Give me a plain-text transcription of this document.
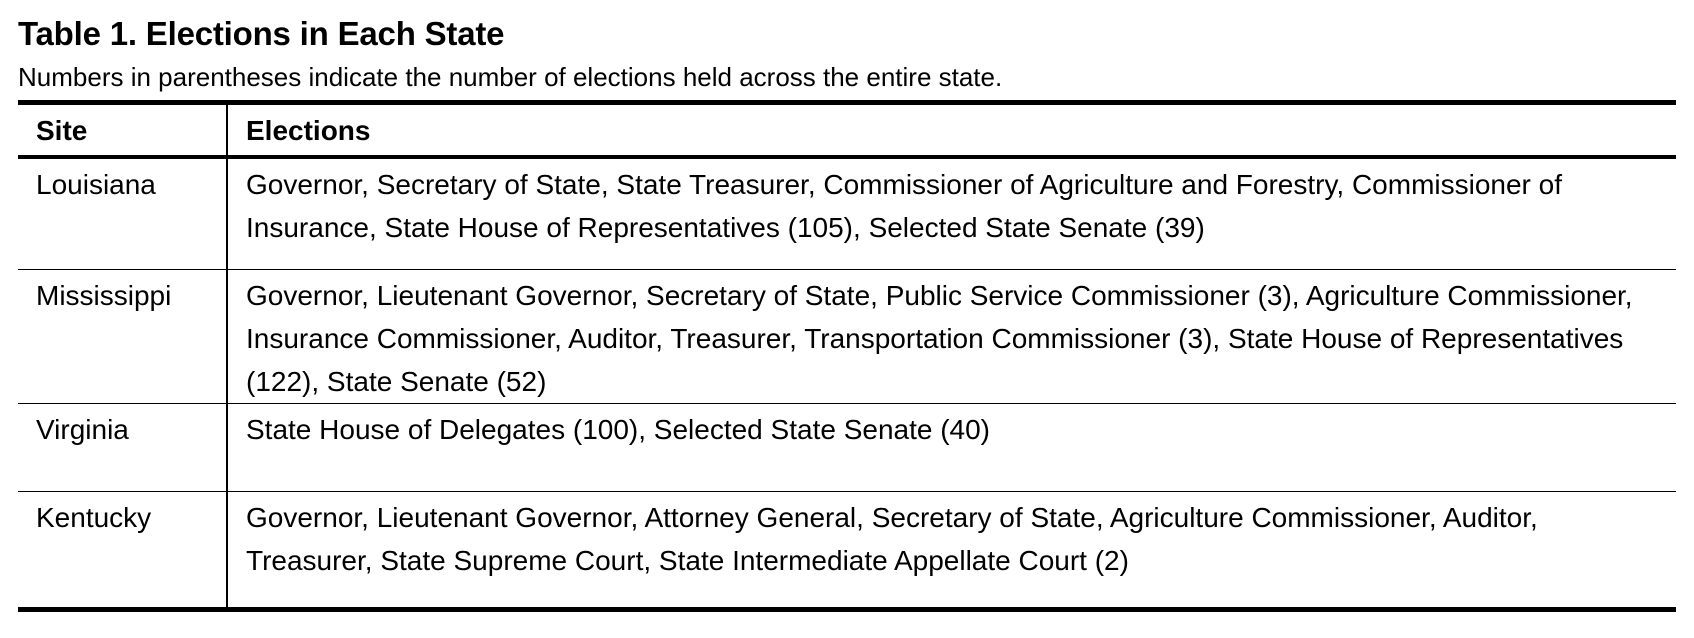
Table 1. Elections in Each State
Numbers in parentheses indicate the number of elections held across the entire state.
Site	Elections
Louisiana	Governor, Secretary of State, State Treasurer, Commissioner of Agriculture and Forestry, Commissioner of Insurance, State House of Representatives (105), Selected State Senate (39)
Mississippi	Governor, Lieutenant Governor, Secretary of State, Public Service Commissioner (3), Agriculture Commissioner, Insurance Commissioner, Auditor, Treasurer, Transportation Commissioner (3), State House of Representatives (122), State Senate (52)
Virginia	State House of Delegates (100), Selected State Senate (40)
Kentucky	Governor, Lieutenant Governor, Attorney General, Secretary of State, Agriculture Commissioner, Auditor, Treasurer, State Supreme Court, State Intermediate Appellate Court (2)
